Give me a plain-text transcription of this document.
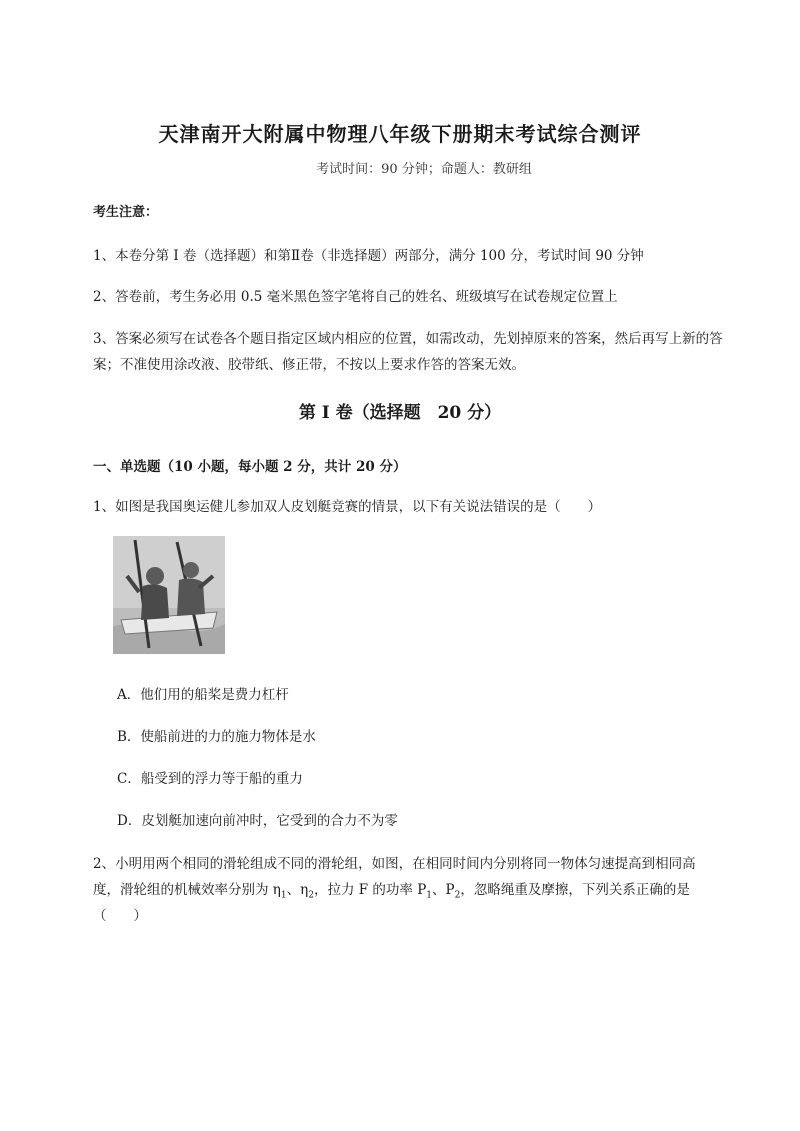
天津南开大附属中物理八年级下册期末考试综合测评
考试时间：90 分钟；命题人：教研组
考生注意：
1、本卷分第 I 卷（选择题）和第Ⅱ卷（非选择题）两部分，满分 100 分，考试时间 90 分钟
2、答卷前，考生务必用 0.5 毫米黑色签字笔将自己的姓名、班级填写在试卷规定位置上
3、答案必须写在试卷各个题目指定区域内相应的位置，如需改动，先划掉原来的答案，然后再写上新的答案；不准使用涂改液、胶带纸、修正带，不按以上要求作答的答案无效。
第 I 卷（选择题　20 分）
一、单选题（10 小题，每小题 2 分，共计 20 分）
1、如图是我国奥运健儿参加双人皮划艇竞赛的情景，以下有关说法错误的是（　　）
A．他们用的船桨是费力杠杆
B．使船前进的力的施力物体是水
C．船受到的浮力等于船的重力
D．皮划艇加速向前冲时，它受到的合力不为零
2、小明用两个相同的滑轮组成不同的滑轮组，如图，在相同时间内分别将同一物体匀速提高到相同高
度，滑轮组的机械效率分别为 $\eta_1$、$\eta_2$，拉力 F 的功率 $P_1$、$P_2$，忽略绳重及摩擦，下列关系正确的是
（　　）
